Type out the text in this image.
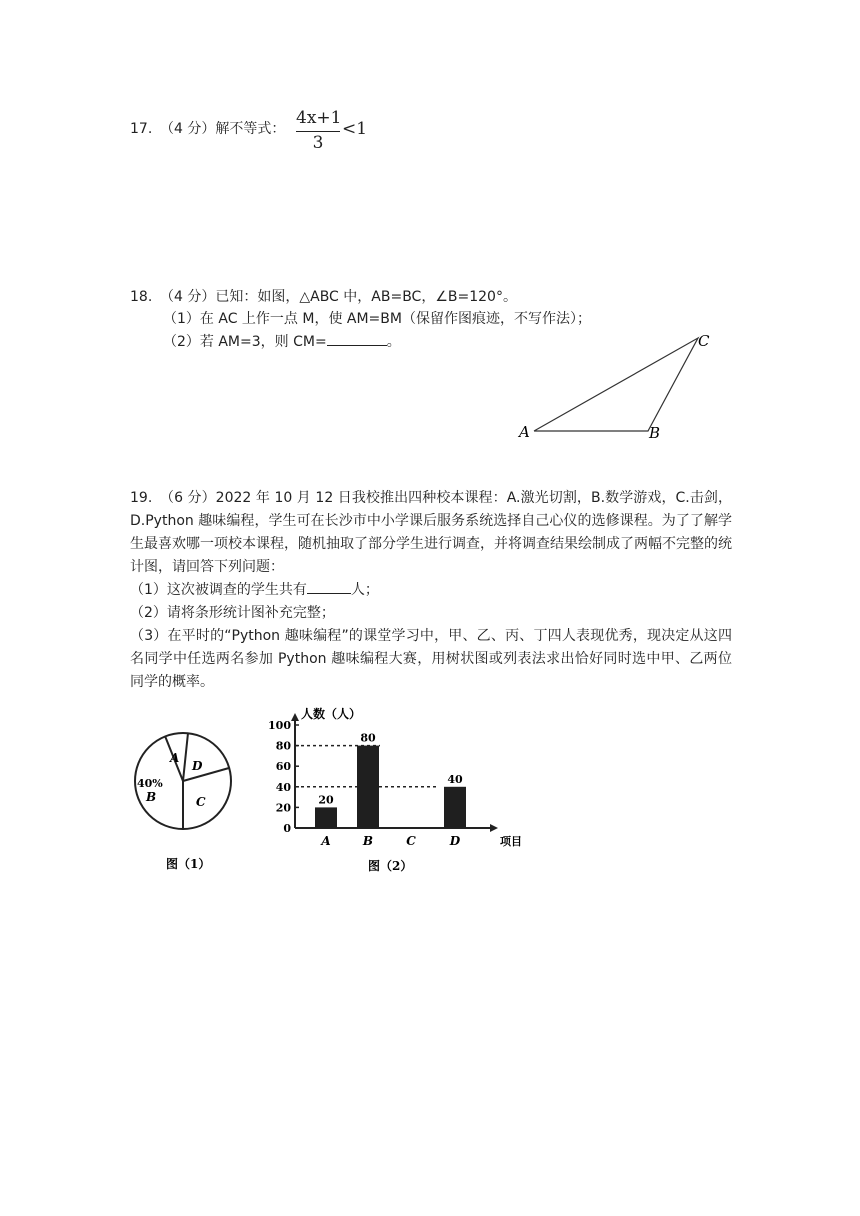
17. （4 分）解不等式：
4x+1
3
<1
18. （4 分）已知：如图，△ABC 中，AB=BC，∠B=120°。
（1）在 AC 上作一点 M，使 AM=BM（保留作图痕迹，不写作法）；
（2）若 AM=3，则 CM=	。
A	B
C
19. （6 分）2022 年 10 月 12 日我校推出四种校本课程：A.激光切割，B.数学游戏，C.击剑，D.Python 趣味编程，学生可在长沙市中小学课后服务系统选择自己心仪的选修课程。为了了解学生最喜欢哪一项校本课程，随机抽取了部分学生进行调查，并将调查结果绘制成了两幅不完整的统计图，请回答下列问题：

（1）这次被调查的学生共有	人；
（2）请将条形统计图补充完整；

（3）在平时的“Python 趣味编程”的课堂学习中，甲、乙、丙、丁四人表现优秀，现决定从这四名同学中任选两名参加 Python 趣味编程大赛，用树状图或列表法求出恰好同时选中甲、乙两位同学的概率。

A
D
40%
B	C
图（1）
0
20
40
60
80
100
A
20
B
80
C	D
40
人数（人）
项目
图（2）
